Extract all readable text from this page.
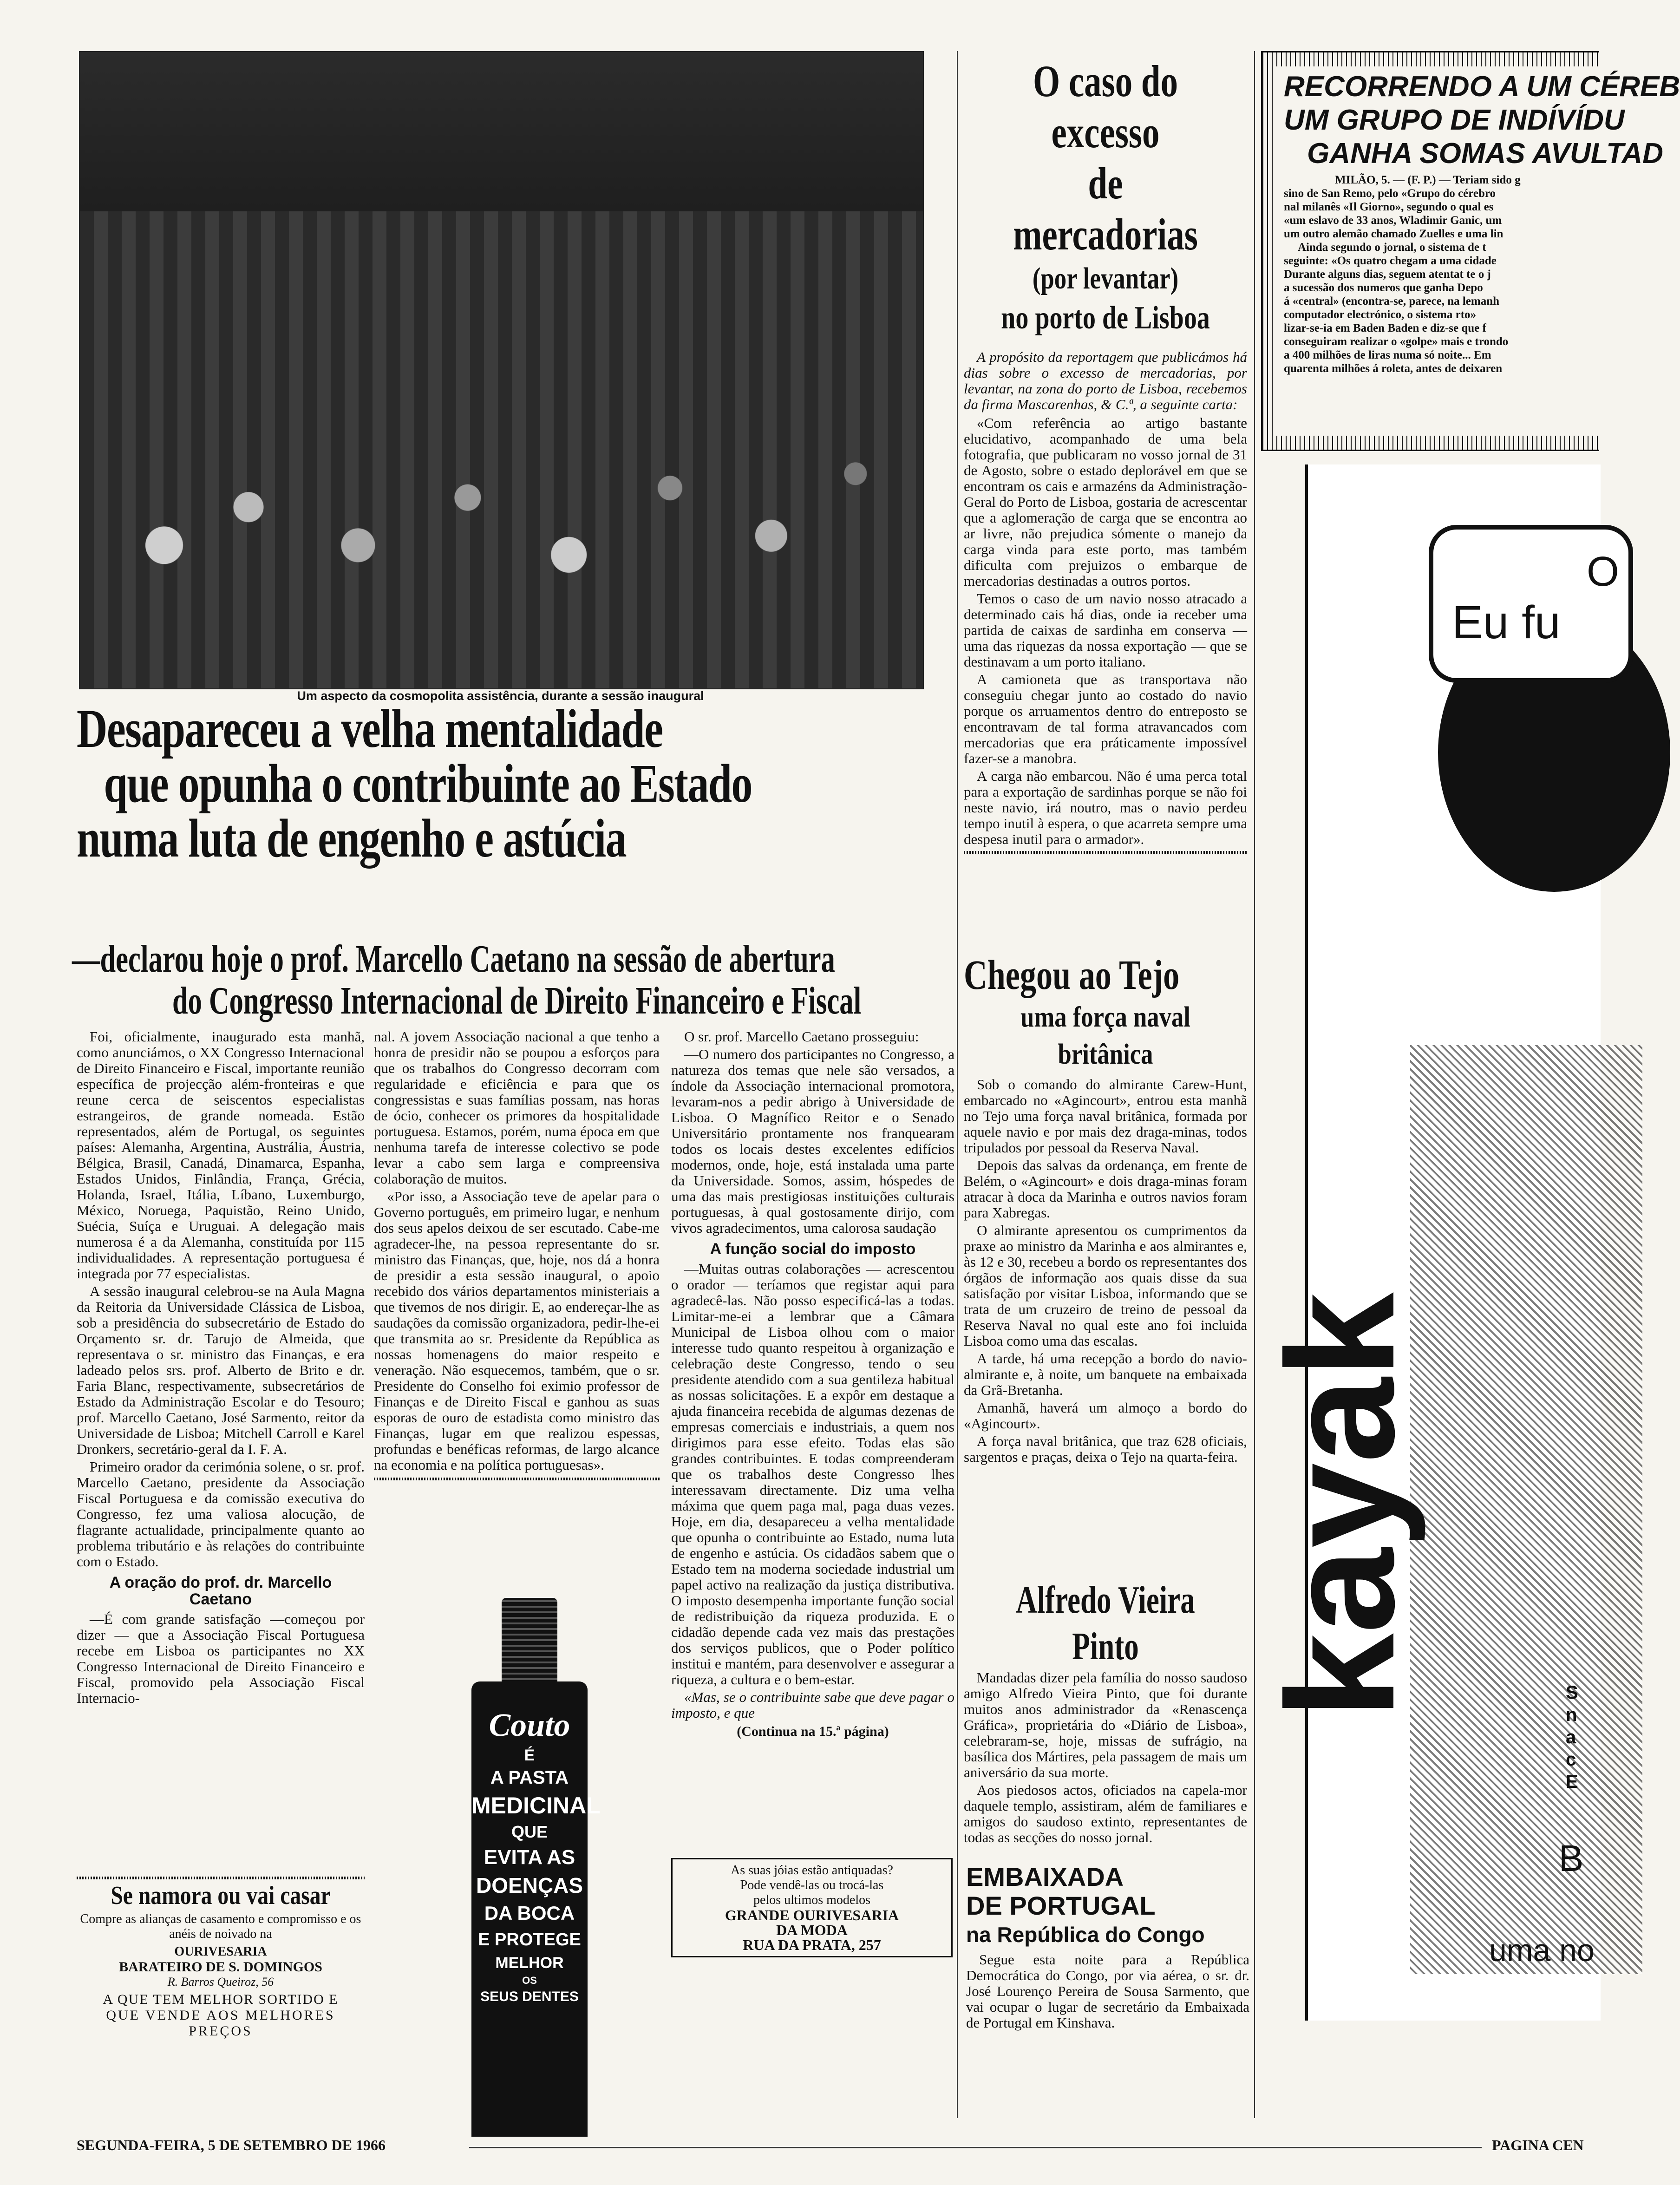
Um aspecto da cosmopolita assistência, durante a sessão inaugural
Desapareceu a velha mentalidade
que opunha o contribuinte ao Estado
numa luta de engenho e astúcia
—declarou hoje o prof. Marcello Caetano na sessão de abertura
do Congresso Internacional de Direito Financeiro e Fiscal

Foi, oficialmente, inaugurado esta manhã, como anunciámos, o XX Congresso Internacional de Direito Financeiro e Fiscal, importante reunião específica de projecção além-fronteiras e que reune cerca de seiscentos especialistas estrangeiros, de grande nomeada. Estão representados, além de Portugal, os seguintes países: Alemanha, Argentina, Austrália, Áustria, Bélgica, Brasil, Canadá, Dinamarca, Espanha, Estados Unidos, Finlândia, França, Grécia, Holanda, Israel, Itália, Líbano, Luxemburgo, México, Noruega, Paquistão, Reino Unido, Suécia, Suíça e Uruguai. A delegação mais numerosa é a da Alemanha, constituída por 115 individualidades. A representação portuguesa é integrada por 77 especialistas.

A sessão inaugural celebrou-se na Aula Magna da Reitoria da Universidade Clássica de Lisboa, sob a presidência do subsecretário de Estado do Orçamento sr. dr. Tarujo de Almeida, que representava o sr. ministro das Finanças, e era ladeado pelos srs. prof. Alberto de Brito e dr. Faria Blanc, respectivamente, subsecretários de Estado da Administração Escolar e do Tesouro; prof. Marcello Caetano, José Sarmento, reitor da Universidade de Lisboa; Mitchell Carroll e Karel Dronkers, secretário-geral da I. F. A.

Primeiro orador da cerimónia solene, o sr. prof. Marcello Caetano, presidente da Associação Fiscal Portuguesa e da comissão executiva do Congresso, fez uma valiosa alocução, de flagrante actualidade, principalmente quanto ao problema tributário e às relações do contribuinte com o Estado.

A oração do prof. dr. Marcello Caetano

—É com grande satisfação —começou por dizer — que a Associação Fiscal Portuguesa recebe em Lisboa os participantes no XX Congresso Internacional de Direito Financeiro e Fiscal, promovido pela Associação Fiscal Internacio-

Se namora ou vai casar
Compre as alianças de casamento e compromisso e os anéis de noivado na
OURIVESARIA
BARATEIRO DE S. DOMINGOS
R. Barros Queiroz, 56
A QUE TEM MELHOR SORTIDO E
QUE VENDE AOS MELHORES
PREÇOS

nal. A jovem Associação nacional a que tenho a honra de presidir não se poupou a esforços para que os trabalhos do Congresso decorram com regularidade e eficiência e para que os congressistas e suas famílias possam, nas horas de ócio, conhecer os primores da hospitalidade portuguesa. Estamos, porém, numa época em que nenhuma tarefa de interesse colectivo se pode levar a cabo sem larga e compreensiva colaboração de muitos.

«Por isso, a Associação teve de apelar para o Governo português, em primeiro lugar, e nenhum dos seus apelos deixou de ser escutado. Cabe-me agradecer-lhe, na pessoa representante do sr. ministro das Finanças, que, hoje, nos dá a honra de presidir a esta sessão inaugural, o apoio recebido dos vários departamentos ministeriais a que tivemos de nos dirigir. E, ao endereçar-lhe as saudações da comissão organizadora, pedir-lhe-ei que transmita ao sr. Presidente da República as nossas homenagens do maior respeito e veneração. Não esquecemos, também, que o sr. Presidente do Conselho foi eximio professor de Finanças e de Direito Fiscal e ganhou as suas esporas de ouro de estadista como ministro das Finanças, lugar em que realizou espessas, profundas e benéficas reformas, de largo alcance na economia e na política portuguesas».

Couto
É
A PASTA
MEDICINAL
QUE
EVITA AS
DOENÇAS
DA BOCA
E PROTEGE
MELHOR
OS
SEUS DENTES

O sr. prof. Marcello Caetano prosseguiu:

—O numero dos participantes no Congresso, a natureza dos temas que nele são versados, a índole da Associação internacional promotora, levaram-nos a pedir abrigo à Universidade de Lisboa. O Magnífico Reitor e o Senado Universitário prontamente nos franquearam todos os locais destes excelentes edifícios modernos, onde, hoje, está instalada uma parte da Universidade. Somos, assim, hóspedes de uma das mais prestigiosas instituições culturais portuguesas, à qual gostosamente dirijo, com vivos agradecimentos, uma calorosa saudação

A função social do imposto

—Muitas outras colaborações — acrescentou o orador — teríamos que registar aqui para agradecê-las. Não posso especificá-las a todas. Limitar-me-ei a lembrar que a Câmara Municipal de Lisboa olhou com o maior interesse tudo quanto respeitou à organização e celebração deste Congresso, tendo o seu presidente atendido com a sua gentileza habitual as nossas solicitações. E a expôr em destaque a ajuda financeira recebida de algumas dezenas de empresas comerciais e industriais, a quem nos dirigimos para esse efeito. Todas elas são grandes contribuintes. E todas compreenderam que os trabalhos deste Congresso lhes interessavam directamente. Diz uma velha máxima que quem paga mal, paga duas vezes. Hoje, em dia, desapareceu a velha mentalidade que opunha o contribuinte ao Estado, numa luta de engenho e astúcia. Os cidadãos sabem que o Estado tem na moderna sociedade industrial um papel activo na realização da justiça distributiva. O imposto desempenha importante função social de redistribuição da riqueza produzida. E o cidadão depende cada vez mais das prestações dos serviços publicos, que o Poder político institui e mantém, para desenvolver e assegurar a riqueza, a cultura e o bem-estar.

«Mas, se o contribuinte sabe que deve pagar o imposto, e que

(Continua na 15.ª página)
As suas jóias estão antiquadas?
Pode vendê-las ou trocá-las
pelos ultimos modelos
GRANDE OURIVESARIA
DA MODA
RUA DA PRATA, 257
O caso do excesso
de mercadorias
(por levantar)
no porto de Lisboa

A propósito da reportagem que publicámos há dias sobre o excesso de mercadorias, por levantar, na zona do porto de Lisboa, recebemos da firma Mascarenhas, & C.ª, a seguinte carta:

«Com referência ao artigo bastante elucidativo, acompanhado de uma bela fotografia, que publicaram no vosso jornal de 31 de Agosto, sobre o estado deplorável em que se encontram os cais e armazéns da Administração-Geral do Porto de Lisboa, gostaria de acrescentar que a aglomeração de carga que se encontra ao ar livre, não prejudica sómente o manejo da carga vinda para este porto, mas também dificulta com prejuizos o embarque de mercadorias destinadas a outros portos.

Temos o caso de um navio nosso atracado a determinado cais há dias, onde ia receber uma partida de caixas de sardinha em conserva — uma das riquezas da nossa exportação — que se destinavam a um porto italiano.

A camioneta que as transportava não conseguiu chegar junto ao costado do navio porque os arruamentos dentro do entreposto se encontravam de tal forma atravancados com mercadorias que era práticamente impossível fazer-se a manobra.

A carga não embarcou. Não é uma perca total para a exportação de sardinhas porque se não foi neste navio, irá noutro, mas o navio perdeu tempo inutil à espera, o que acarreta sempre uma despesa inutil para o armador».

Chegou ao Tejo
uma força naval
britânica

Sob o comando do almirante Carew-Hunt, embarcado no «Agincourt», entrou esta manhã no Tejo uma força naval britânica, formada por aquele navio e por mais dez draga-minas, todos tripulados por pessoal da Reserva Naval.

Depois das salvas da ordenança, em frente de Belém, o «Agincourt» e dois draga-minas foram atracar à doca da Marinha e outros navios foram para Xabregas.

O almirante apresentou os cumprimentos da praxe ao ministro da Marinha e aos almirantes e, às 12 e 30, recebeu a bordo os representantes dos órgãos de informação aos quais disse da sua satisfação por visitar Lisboa, informando que se trata de um cruzeiro de treino de pessoal da Reserva Naval no qual este ano foi incluida Lisboa como uma das escalas.

A tarde, há uma recepção a bordo do navio-almirante e, à noite, um banquete na embaixada da Grã-Bretanha.

Amanhã, haverá um almoço a bordo do «Agincourt».

A força naval britânica, que traz 628 oficiais, sargentos e praças, deixa o Tejo na quarta-feira.

Alfredo Vieira Pinto

Mandadas dizer pela família do nosso saudoso amigo Alfredo Vieira Pinto, que foi durante muitos anos administrador da «Renascença Gráfica», proprietária do «Diário de Lisboa», celebraram-se, hoje, missas de sufrágio, na basílica dos Mártires, pela passagem de mais um aniversário da sua morte.

Aos piedosos actos, oficiados na capela-mor daquele templo, assistiram, além de familiares e amigos do saudoso extinto, representantes de todas as secções do nosso jornal.

EMBAIXADA
DE PORTUGAL
na República do Congo

Segue esta noite para a República Democrática do Congo, por via aérea, o sr. dr. José Lourenço Pereira de Sousa Sarmento, que vai ocupar o lugar de secretário da Embaixada de Portugal em Kinshava.

RECORRENDO A UM CÉREB
UM GRUPO DE INDÍVÍDU
GANHA SOMAS AVULTAD
MILÃO, 5. — (F. P.) — Teriam sido g
sino de San Remo, pelo «Grupo do cérebro
nal milanês «Il Giorno», segundo o qual es
«um eslavo de 33 anos, Wladimir Ganic, um
um outro alemão chamado Zuelles e uma lin
Ainda segundo o jornal, o sistema de t
seguinte: «Os quatro chegam a uma cidade
Durante alguns dias, seguem atentat te o j
a sucessão dos numeros que ganha Depo
á «central» (encontra-se, parece, na lemanh
computador electrónico, o sistema rto»
lizar-se-ia em Baden Baden e diz-se que f
conseguiram realizar o «golpe» mais e trondo
a 400 milhões de liras numa só noite... Em
quarenta milhões á roleta, antes de deixaren
O
Eu fu
kayak	S
n
a
c
E
B
uma no
SEGUNDA-FEIRA, 5 DE SETEMBRO DE 1966	PAGINA CEN
